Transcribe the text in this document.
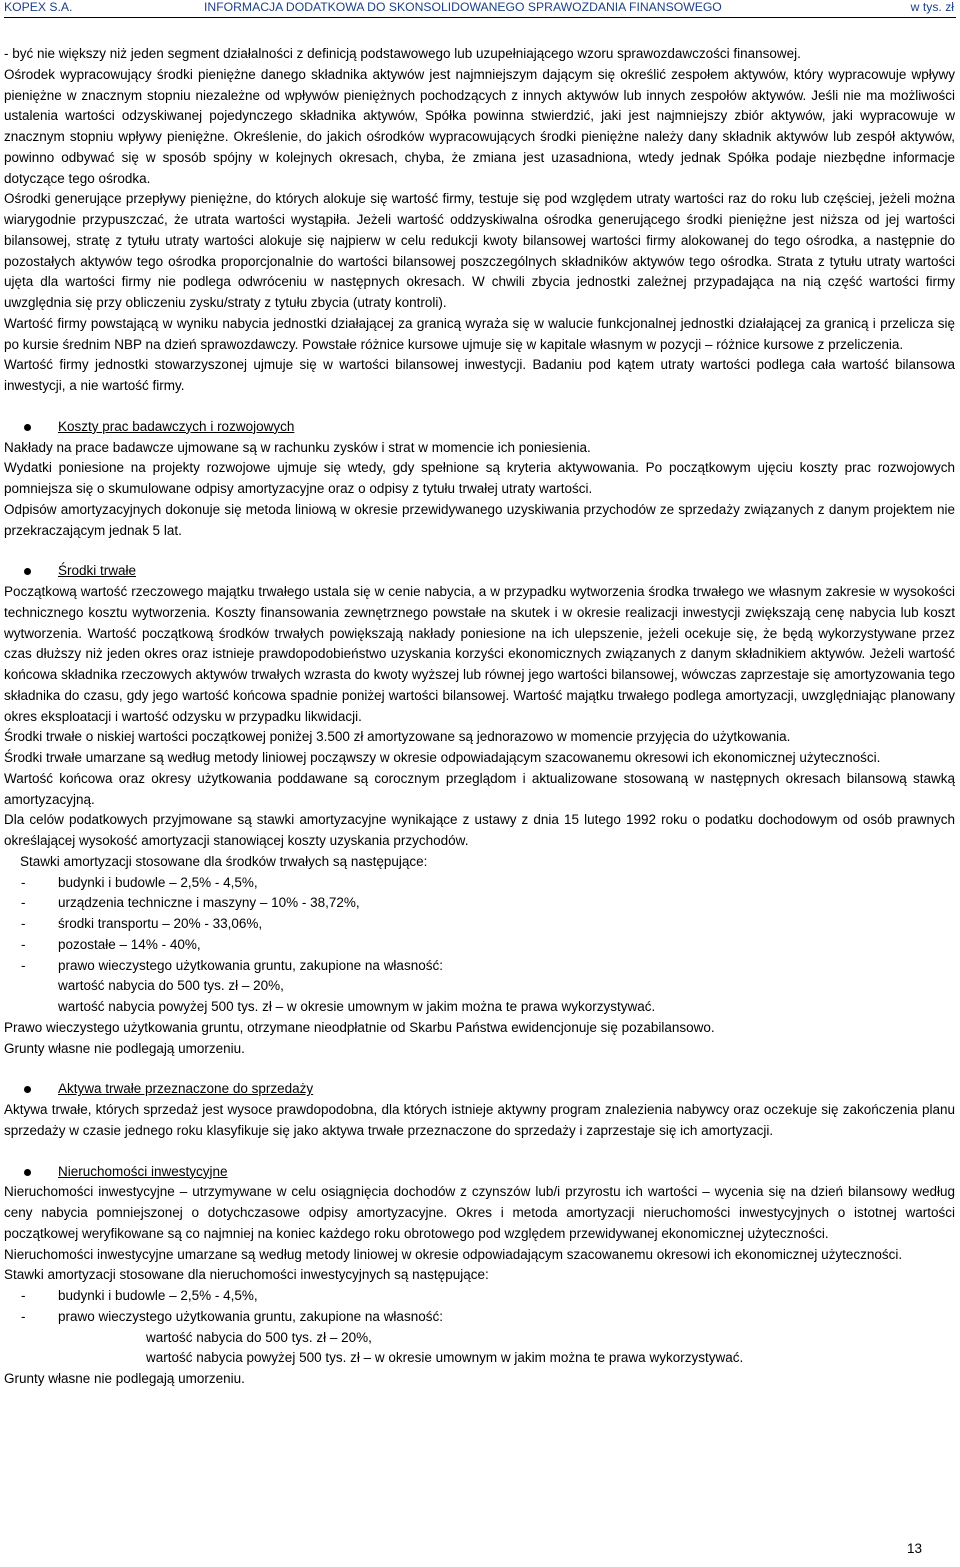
KOPEX S.A.	INFORMACJA DODATKOWA DO SKONSOLIDOWANEGO SPRAWOZDANIA FINANSOWEGO	w tys. zł

- być nie większy niż jeden segment działalności z definicją podstawowego lub uzupełniającego wzoru sprawozdawczości finansowej.

Ośrodek wypracowujący środki pieniężne danego składnika aktywów jest najmniejszym dającym się określić zespołem aktywów, który wypracowuje wpływy pieniężne w znacznym stopniu niezależne od wpływów pieniężnych pochodzących z innych aktywów lub innych zespołów aktywów. Jeśli nie ma możliwości ustalenia wartości odzyskiwanej pojedynczego składnika aktywów, Spółka powinna stwierdzić, jaki jest najmniejszy zbiór aktywów, jaki wypracowuje w znacznym stopniu wpływy pieniężne. Określenie, do jakich ośrodków wypracowujących środki pieniężne należy dany składnik aktywów lub zespół aktywów, powinno odbywać się w sposób spójny w kolejnych okresach, chyba, że zmiana jest uzasadniona, wtedy jednak Spółka podaje niezbędne informacje dotyczące tego ośrodka.

Ośrodki generujące przepływy pieniężne, do których alokuje się wartość firmy, testuje się pod względem utraty wartości raz do roku lub częściej, jeżeli można wiarygodnie przypuszczać, że utrata wartości wystąpiła. Jeżeli wartość oddzyskiwalna ośrodka generującego środki pieniężne jest niższa od jej wartości bilansowej, stratę z tytułu utraty wartości alokuje się najpierw w celu redukcji kwoty bilansowej wartości firmy alokowanej do tego ośrodka, a następnie do pozostałych aktywów tego ośrodka proporcjonalnie do wartości bilansowej poszczególnych składników aktywów tego ośrodka. Strata z tytułu utraty wartości ujęta dla wartości firmy nie podlega odwróceniu w następnych okresach. W chwili zbycia jednostki zależnej przypadająca na nią część wartości firmy uwzględnia się przy obliczeniu zysku/straty z tytułu zbycia (utraty kontroli).

Wartość firmy powstającą w wyniku nabycia jednostki działającej za granicą wyraża się w walucie funkcjonalnej jednostki działającej za granicą i przelicza się po kursie średnim NBP na dzień sprawozdawczy. Powstałe różnice kursowe ujmuje się w kapitale własnym w pozycji – różnice kursowe z przeliczenia.

Wartość firmy jednostki stowarzyszonej ujmuje się w wartości bilansowej inwestycji. Badaniu pod kątem utraty wartości podlega cała wartość bilansowa inwestycji, a nie wartość firmy.

Koszty prac badawczych i rozwojowych

Nakłady na prace badawcze ujmowane są w rachunku zysków i strat w momencie ich poniesienia.

Wydatki poniesione na projekty rozwojowe ujmuje się wtedy, gdy spełnione są kryteria aktywowania. Po początkowym ujęciu koszty prac rozwojowych pomniejsza się o skumulowane odpisy amortyzacyjne oraz o odpisy z tytułu trwałej utraty wartości.

Odpisów amortyzacyjnych dokonuje się metoda liniową w okresie przewidywanego uzyskiwania przychodów ze sprzedaży związanych z danym projektem nie przekraczającym jednak 5 lat.

Środki trwałe

Początkową wartość rzeczowego majątku trwałego ustala się w cenie nabycia, a w przypadku wytworzenia środka trwałego we własnym zakresie w wysokości technicznego kosztu wytworzenia. Koszty finansowania zewnętrznego powstałe na skutek i w okresie realizacji inwestycji zwiększają cenę nabycia lub koszt wytworzenia. Wartość początkową środków trwałych powiększają nakłady poniesione na ich ulepszenie, jeżeli ocekuje się, że będą wykorzystywane przez czas dłuższy niż jeden okres oraz istnieje prawdopodobieństwo uzyskania korzyści ekonomicznych związanych z danym składnikiem aktywów. Jeżeli wartość końcowa składnika rzeczowych aktywów trwałych wzrasta do kwoty wyższej lub równej jego wartości bilansowej, wówczas zaprzestaje się amortyzowania tego składnika do czasu, gdy jego wartość końcowa spadnie poniżej wartości bilansowej. Wartość majątku trwałego podlega amortyzacji, uwzględniając planowany okres eksploatacji i wartość odzysku w przypadku likwidacji.

Środki trwałe o niskiej wartości początkowej poniżej 3.500 zł amortyzowane są jednorazowo w momencie przyjęcia do użytkowania.

Środki trwałe umarzane są według metody liniowej począwszy w okresie odpowiadającym szacowanemu okresowi ich ekonomicznej użyteczności.

Wartość końcowa oraz okresy użytkowania poddawane są corocznym przeglądom i aktualizowane stosowaną w następnych okresach bilansową stawką amortyzacyjną.

Dla celów podatkowych przyjmowane są stawki amortyzacyjne wynikające z ustawy z dnia 15 lutego 1992 roku o podatku dochodowym od osób prawnych określającej wysokość amortyzacji stanowiącej koszty uzyskania przychodów.

Stawki amortyzacji stosowane dla środków trwałych są następujące:

- budynki i budowle – 2,5% - 4,5%,
- urządzenia techniczne i maszyny – 10% - 38,72%,
- środki transportu – 20% - 33,06%,
- pozostałe – 14% - 40%,
- prawo wieczystego użytkowania gruntu, zakupione na własność:
wartość nabycia do 500 tys. zł – 20%,
wartość nabycia powyżej 500 tys. zł – w okresie umownym w jakim można te prawa wykorzystywać.

Prawo wieczystego użytkowania gruntu, otrzymane nieodpłatnie od Skarbu Państwa ewidencjonuje się pozabilansowo.

Grunty własne nie podlegają umorzeniu.

Aktywa trwałe przeznaczone do sprzedaży

Aktywa trwałe, których sprzedaż jest wysoce prawdopodobna, dla których istnieje aktywny program znalezienia nabywcy oraz oczekuje się zakończenia planu sprzedaży w czasie jednego roku klasyfikuje się jako aktywa trwałe przeznaczone do sprzedaży i zaprzestaje się ich amortyzacji.

Nieruchomości inwestycyjne

Nieruchomości inwestycyjne – utrzymywane w celu osiągnięcia dochodów z czynszów lub/i przyrostu ich wartości – wycenia się na dzień bilansowy według ceny nabycia pomniejszonej o dotychczasowe odpisy amortyzacyjne. Okres i metoda amortyzacji nieruchomości inwestycyjnych o istotnej wartości początkowej weryfikowane są co najmniej na koniec każdego roku obrotowego pod względem przewidywanej ekonomicznej użyteczności.

Nieruchomości inwestycyjne umarzane są według metody liniowej w okresie odpowiadającym szacowanemu okresowi ich ekonomicznej użyteczności.

Stawki amortyzacji stosowane dla nieruchomości inwestycyjnych są następujące:

- budynki i budowle – 2,5% - 4,5%,
- prawo wieczystego użytkowania gruntu, zakupione na własność:
wartość nabycia do 500 tys. zł – 20%,
wartość nabycia powyżej 500 tys. zł – w okresie umownym w jakim można te prawa wykorzystywać.

Grunty własne nie podlegają umorzeniu.

13
